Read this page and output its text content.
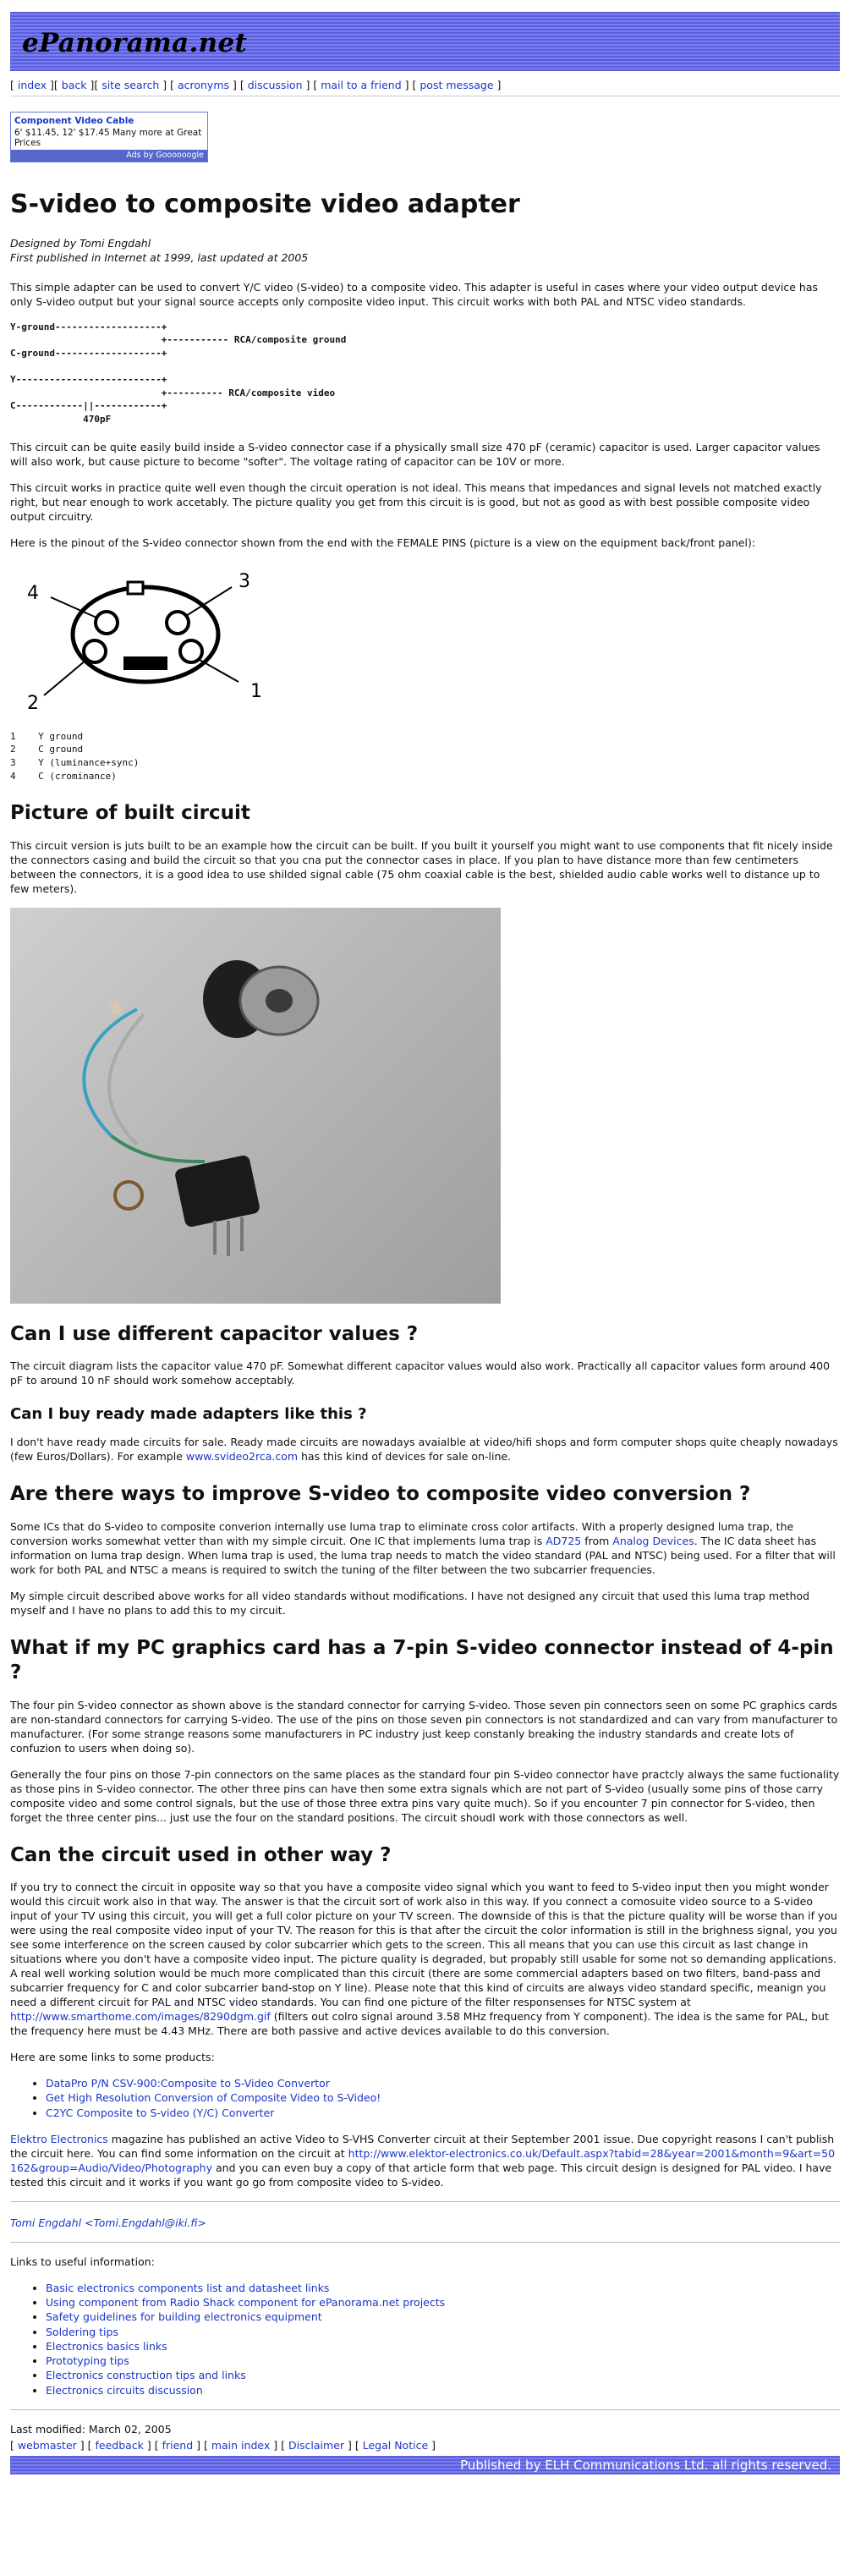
ePanorama.net
[ index ][ back ][ site search ] [ acronyms ] [ discussion ] [ mail to a friend ] [ post message ]
Component Video Cable
6' $11.45, 12' $17.45 Many more at Great Prices
Ads by Goooooogle
S-video to composite video adapter

Designed by Tomi Engdahl
First published in Internet at 1999, last updated at 2005

This simple adapter can be used to convert Y/C video (S-video) to a composite video. This adapter is useful in cases where your video output device has only S-video output but your signal source accepts only composite video input. This circuit works with both PAL and NTSC video standards.

Y-ground-------------------+
+----------- RCA/composite ground
C-ground-------------------+

Y--------------------------+
+---------- RCA/composite video
C------------||------------+
470pF

This circuit can be quite easily build inside a S-video connector case if a physically small size 470 pF (ceramic) capacitor is used. Larger capacitor values will also work, but cause picture to become "softer". The voltage rating of capacitor can be 10V or more.

This circuit works in practice quite well even though the circuit operation is not ideal. This means that impedances and signal levels not matched exactly right, but near enough to work accetably. The picture quality you get from this circuit is is good, but not as good as with best possible composite video output circuitry.

Here is the pinout of the S-video connector shown from the end with the FEMALE PINS (picture is a view on the equipment back/front panel):

4
3
2
1
1    Y ground
2    C ground
3    Y (luminance+sync)
4    C (crominance)
Picture of built circuit

This circuit version is juts built to be an example how the circuit can be built. If you built it yourself you might want to use components that fit nicely inside the connectors casing and build the circuit so that you cna put the connector cases in place. If you plan to have distance more than few centimeters between the connectors, it is a good idea to use shilded signal cable (75 ohm coaxial cable is the best, shielded audio cable works well to distance up to few meters).

Can I use different capacitor values ?

The circuit diagram lists the capacitor value 470 pF. Somewhat different capacitor values would also work. Practically all capacitor values form around 400 pF to around 10 nF should work somehow acceptably.

Can I buy ready made adapters like this ?

I don't have ready made circuits for sale. Ready made circuits are nowadays avaialble at video/hifi shops and form computer shops quite cheaply nowadays (few Euros/Dollars). For example www.svideo2rca.com has this kind of devices for sale on-line.

Are there ways to improve S-video to composite video conversion ?

Some ICs that do S-video to composite converion internally use luma trap to eliminate cross color artifacts. With a properly designed luma trap, the conversion works somewhat vetter than with my simple circuit. One IC that implements luma trap is AD725 from Analog Devices. The IC data sheet has information on luma trap design. When luma trap is used, the luma trap needs to match the video standard (PAL and NTSC) being used. For a filter that will work for both PAL and NTSC a means is required to switch the tuning of the filter between the two subcarrier frequencies.

My simple circuit described above works for all video standards without modifications. I have not designed any circuit that used this luma trap method myself and I have no plans to add this to my circuit.

What if my PC graphics card has a 7-pin S-video connector instead of 4-pin ?

The four pin S-video connector as shown above is the standard connector for carrying S-video. Those seven pin connectors seen on some PC graphics cards are non-standard connectors for carrying S-video. The use of the pins on those seven pin connectors is not standardized and can vary from manufacturer to manufacturer. (For some strange reasons some manufacturers in PC industry just keep constanly breaking the industry standards and create lots of confuzion to users when doing so).

Generally the four pins on those 7-pin connectors on the same places as the standard four pin S-video connector have practcly always the same fuctionality as those pins in S-video connector. The other three pins can have then some extra signals which are not part of S-video (usually some pins of those carry composite video and some control signals, but the use of those three extra pins vary quite much). So if you encounter 7 pin connector for S-video, then forget the three center pins... just use the four on the standard positions. The circuit shoudl work with those connectors as well.

Can the circuit used in other way ?

If you try to connect the circuit in opposite way so that you have a composite video signal which you want to feed to S-video input then you might wonder would this circuit work also in that way. The answer is that the circuit sort of work also in this way. If you connect a comosuite video source to a S-video input of your TV using this circuit, you will get a full color picture on your TV screen. The downside of this is that the picture quality will be worse than if you were using the real composite video input of your TV. The reason for this is that after the circuit the color information is still in the brighness signal, you you see some interference on the screen caused by color subcarrier which gets to the screen. This all means that you can use this circuit as last change in situations where you don't have a composite video input. The picture quality is degraded, but propably still usable for some not so demanding applications. A real well working solution would be much more complicated than this circuit (there are some commercial adapters based on two filters, band-pass and subcarrier frequency for C and color subcarrier band-stop on Y line). Please note that this kind of circuits are always video standard specific, meanign you need a different circuit for PAL and NTSC video standards. You can find one picture of the filter responsenses for NTSC system at http://www.smarthome.com/images/8290dgm.gif (filters out colro signal around 3.58 MHz frequency from Y component). The idea is the same for PAL, but the frequency here must be 4.43 MHz. There are both passive and active devices available to do this conversion.

Here are some links to some products:

• DataPro P/N CSV-900:Composite to S-Video Convertor
• Get High Resolution Conversion of Composite Video to S-Video!
• C2YC Composite to S-video (Y/C) Converter

Elektro Electronics magazine has published an active Video to S-VHS Converter circuit at their September 2001 issue. Due copyright reasons I can't publish the circuit here. You can find some information on the circuit at http://www.elektor-electronics.co.uk/Default.aspx?tabid=28&year=2001&month=9&art=50162&group=Audio/Video/Photography and you can even buy a copy of that article form that web page. This circuit design is designed for PAL video. I have tested this circuit and it works if you want go go from composite video to S-video.

Tomi Engdahl <Tomi.Engdahl@iki.fi>

Links to useful information:

• Basic electronics components list and datasheet links
• Using component from Radio Shack component for ePanorama.net projects
• Safety guidelines for building electronics equipment
• Soldering tips
• Electronics basics links
• Prototyping tips
• Electronics construction tips and links
• Electronics circuits discussion

Last modified: March 02, 2005

[ webmaster ] [ feedback ] [ friend ] [ main index ] [ Disclaimer ] [ Legal Notice ]
Published by ELH Communications Ltd. all rights reserved.
